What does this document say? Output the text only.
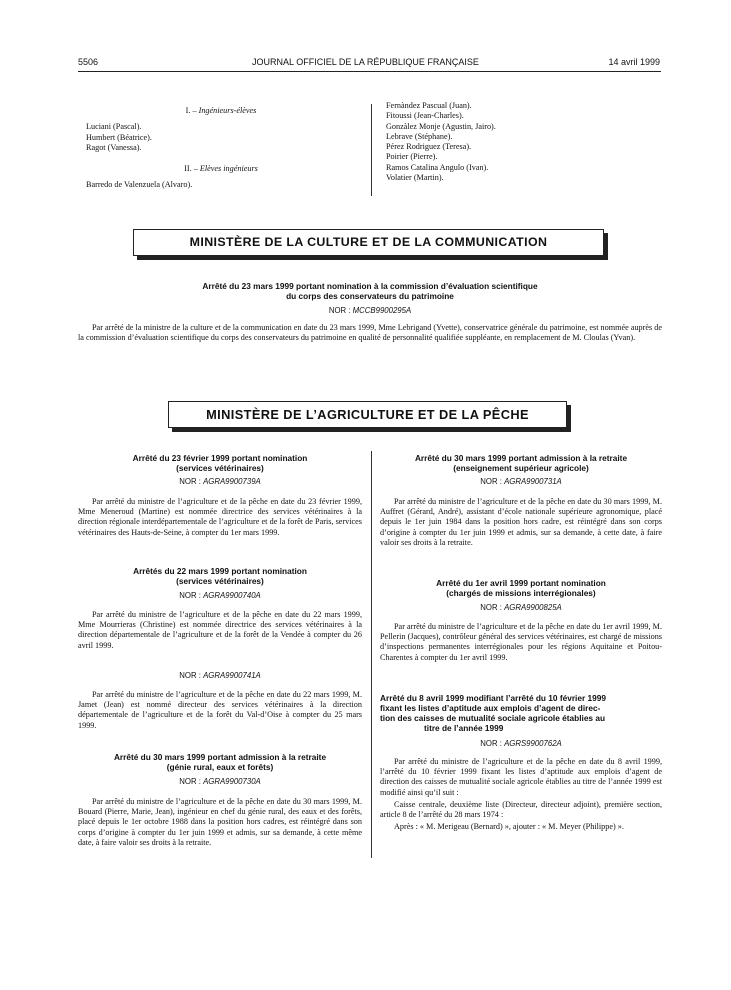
5506	JOURNAL OFFICIEL DE LA RÉPUBLIQUE FRANÇAISE	14 avril 1999
I. – Ingénieurs-élèves
Luciani (Pascal).
Humbert (Béatrice).
Ragot (Vanessa).
II. – Elèves ingénieurs
Barredo de Valenzuela (Alvaro).
Fernàndez Pascual (Juan).
Fitoussi (Jean-Charles).
Gonzàlez Monje (Agustin, Jairo).
Lebrave (Stéphane).
Pérez Rodriguez (Teresa).
Poirier (Pierre).
Ramos Catalina Angulo (Ivan).
Volatier (Martin).
MINISTÈRE DE LA CULTURE ET DE LA COMMUNICATION
Arrêté du 23 mars 1999 portant nomination à la commission d’évaluation scientifique
du corps des conservateurs du patrimoine
NOR : MCCB9900295A
Par arrêté de la ministre de la culture et de la communication en date du 23 mars 1999, Mme Lebrigand (Yvette), conservatrice générale du patrimoine, est nommée auprès de la commission d’évaluation scientifique du corps des conservateurs du patrimoine en qualité de personnalité qualifiée suppléante, en remplacement de M. Cloulas (Yvan).
MINISTÈRE DE L’AGRICULTURE ET DE LA PÊCHE
Arrêté du 23 février 1999 portant nomination
(services vétérinaires)
NOR : AGRA9900739A
Par arrêté du ministre de l’agriculture et de la pêche en date du 23 février 1999, Mme Meneroud (Martine) est nommée directrice des services vétérinaires à la direction régionale interdépartementale de l’agriculture et de la forêt de Paris, services vétérinaires des Hauts-de-Seine, à compter du 1er mars 1999.
Arrêtés du 22 mars 1999 portant nomination
(services vétérinaires)
NOR : AGRA9900740A
Par arrêté du ministre de l’agriculture et de la pêche en date du 22 mars 1999, Mme Mourrieras (Christine) est nommée directrice des services vétérinaires à la direction départementale de l’agriculture et de la forêt de la Vendée à compter du 26 avril 1999.
NOR : AGRA9900741A
Par arrêté du ministre de l’agriculture et de la pêche en date du 22 mars 1999, M. Jamet (Jean) est nommé directeur des services vétérinaires à la direction départementale de l’agriculture et de la forêt du Val-d’Oise à compter du 25 mars 1999.
Arrêté du 30 mars 1999 portant admission à la retraite
(génie rural, eaux et forêts)
NOR : AGRA9900730A
Par arrêté du ministre de l’agriculture et de la pêche en date du 30 mars 1999, M. Bouard (Pierre, Marie, Jean), ingénieur en chef du génie rural, des eaux et des forêts, placé depuis le 1er octobre 1988 dans la position hors cadres, est réintégré dans son corps d’origine à compter du 1er juin 1999 et admis, sur sa demande, à cette même date, à faire valoir ses droits à la retraite.
Arrêté du 30 mars 1999 portant admission à la retraite
(enseignement supérieur agricole)
NOR : AGRA9900731A
Par arrêté du ministre de l’agriculture et de la pêche en date du 30 mars 1999, M. Auffret (Gérard, André), assistant d’école nationale supérieure agronomique, placé depuis le 1er juin 1984 dans la position hors cadre, est réintégré dans son corps d’origine à compter du 1er juin 1999 et admis, sur sa demande, à cette date, à faire valoir ses droits à la retraite.
Arrêté du 1er avril 1999 portant nomination
(chargés de missions interrégionales)
NOR : AGRA9900825A
Par arrêté du ministre de l’agriculture et de la pêche en date du 1er avril 1999, M. Pellerin (Jacques), contrôleur général des services vétérinaires, est chargé de missions d’inspections permanentes interrégionales pour les régions Aquitaine et Poitou-Charentes à compter du 1er avril 1999.
Arrêté du 8 avril 1999 modifiant l’arrêté du 10 février 1999
fixant les listes d’aptitude aux emplois d’agent de direc-
tion des caisses de mutualité sociale agricole établies au
titre de l’année 1999
NOR : AGRS9900762A

Par arrêté du ministre de l’agriculture et de la pêche en date du 8 avril 1999, l’arrêté du 10 février 1999 fixant les listes d’aptitude aux emplois d’agent de direction des caisses de mutualité sociale agricole établies au titre de l’année 1999 est modifié ainsi qu’il suit :

Caisse centrale, deuxième liste (Directeur, directeur adjoint), première section, article 8 de l’arrêté du 28 mars 1974 :

Après : « M. Merigeau (Bernard) », ajouter : « M. Meyer (Philippe) ».
